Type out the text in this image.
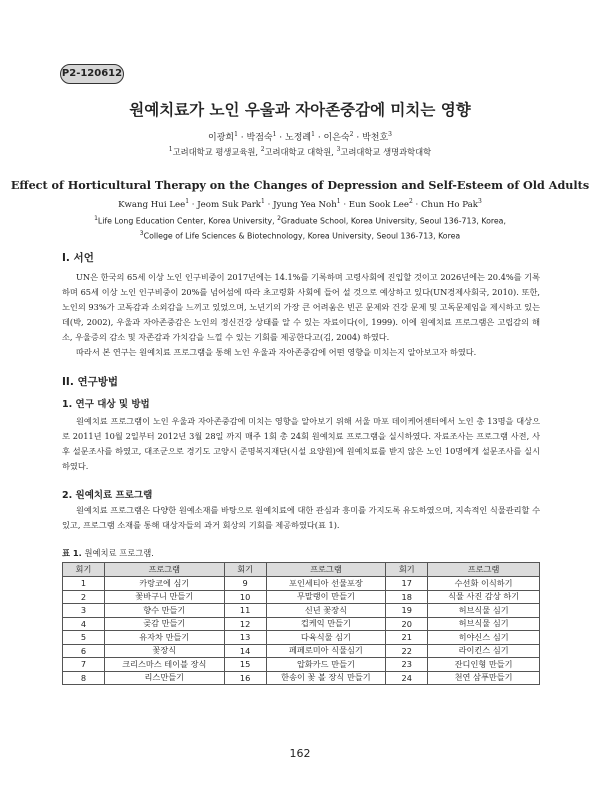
P2-120612
원예치료가 노인 우울과 자아존중감에 미치는 영향
이광희$^1$ · 박점숙$^1$ · 노정례$^1$ · 이은숙$^2$ · 박천호$^3$
$^1$고려대학교 평생교육원, $^2$고려대학교 대학원, $^3$고려대학교 생명과학대학
Effect of Horticultural Therapy on the Changes of Depression and Self-Esteem of Old Adults
Kwang Hui Lee$^1$ · Jeom Suk Park$^1$ · Jyung Yea Noh$^1$ · Eun Sook Lee$^2$ · Chun Ho Pak$^3$
$^1$Life Long Education Center, Korea University, $^2$Graduate School, Korea University, Seoul 136-713, Korea,
$^3$College of Life Sciences & Biotechnology, Korea University, Seoul 136-713, Korea
I. 서언

UN은 한국의 65세 이상 노인 인구비중이 2017년에는 14.1%를 기록하며 고령사회에 진입할 것이고 2026년에는 20.4%를 기록하며 65세 이상 노인 인구비중이 20%를 넘어섬에 따라 초고령화 사회에 들어 설 것으로 예상하고 있다(UN경제사회국, 2010). 또한, 노인의 93%가 고독감과 소외감을 느끼고 있었으며, 노년기의 가장 큰 어려움은 빈곤 문제와 건강 문제 및 고독문제임을 제시하고 있는데(박, 2002), 우울과 자아존중감은 노인의 정신건강 상태를 알 수 있는 자료이다(이, 1999). 이에 원예치료 프로그램은 고립감의 해소, 우울증의 감소 및 자존감과 가치감을 느낄 수 있는 기회를 제공한다고(김, 2004) 하였다.

따라서 본 연구는 원예치료 프로그램을 통해 노인 우울과 자아존중감에 어떤 영향을 미치는지 알아보고자 하였다.

II. 연구방법
1. 연구 대상 및 방법

원예치료 프로그램이 노인 우울과 자아존중감에 미치는 영향을 알아보기 위해 서울 마포 데이케어센터에서 노인 총 13명을 대상으로 2011년 10월 2일부터 2012년 3월 28일 까지 매주 1회 총 24회 원예치료 프로그램을 실시하였다. 자료조사는 프로그램 사전, 사후 설문조사를 하였고, 대조군으로 경기도 고양시 준명복지재단(시설 요양원)에 원예치료를 받지 않은 노인 10명에게 설문조사를 실시하였다.

2. 원예치료 프로그램

원예치료 프로그램은 다양한 원예소재를 바탕으로 원예치료에 대한 관심과 흥미를 가지도록 유도하였으며, 지속적인 식물관리할 수 있고, 프로그램 소재를 통해 대상자들의 과거 회상의 기회를 제공하였다(표 1).

표 1. 원예치료 프로그램.
회기	프로그램	회기	프로그램	회기	프로그램
1	카랑코에 심기	9	포인세티아 선물포장	17	수선화 이식하기
2	꽃바구니 만들기	10	무말랭이 만들기	18	식물 사진 감상 하기
3	향수 만들기	11	신년 꽃장식	19	허브식물 심기
4	곶감 만들기	12	컵케익 만들기	20	허브식물 심기
5	유자차 만들기	13	다육식물 심기	21	히야신스 심기
6	꽃장식	14	페페로미아 식물심기	22	라이킨스 심기
7	크리스마스 테이블 장식	15	압화카드 만들기	23	잔디인형 만들기
8	리스만들기	16	한송이 꽃 볼 장식 만들기	24	천연 삼푸만들기
162
